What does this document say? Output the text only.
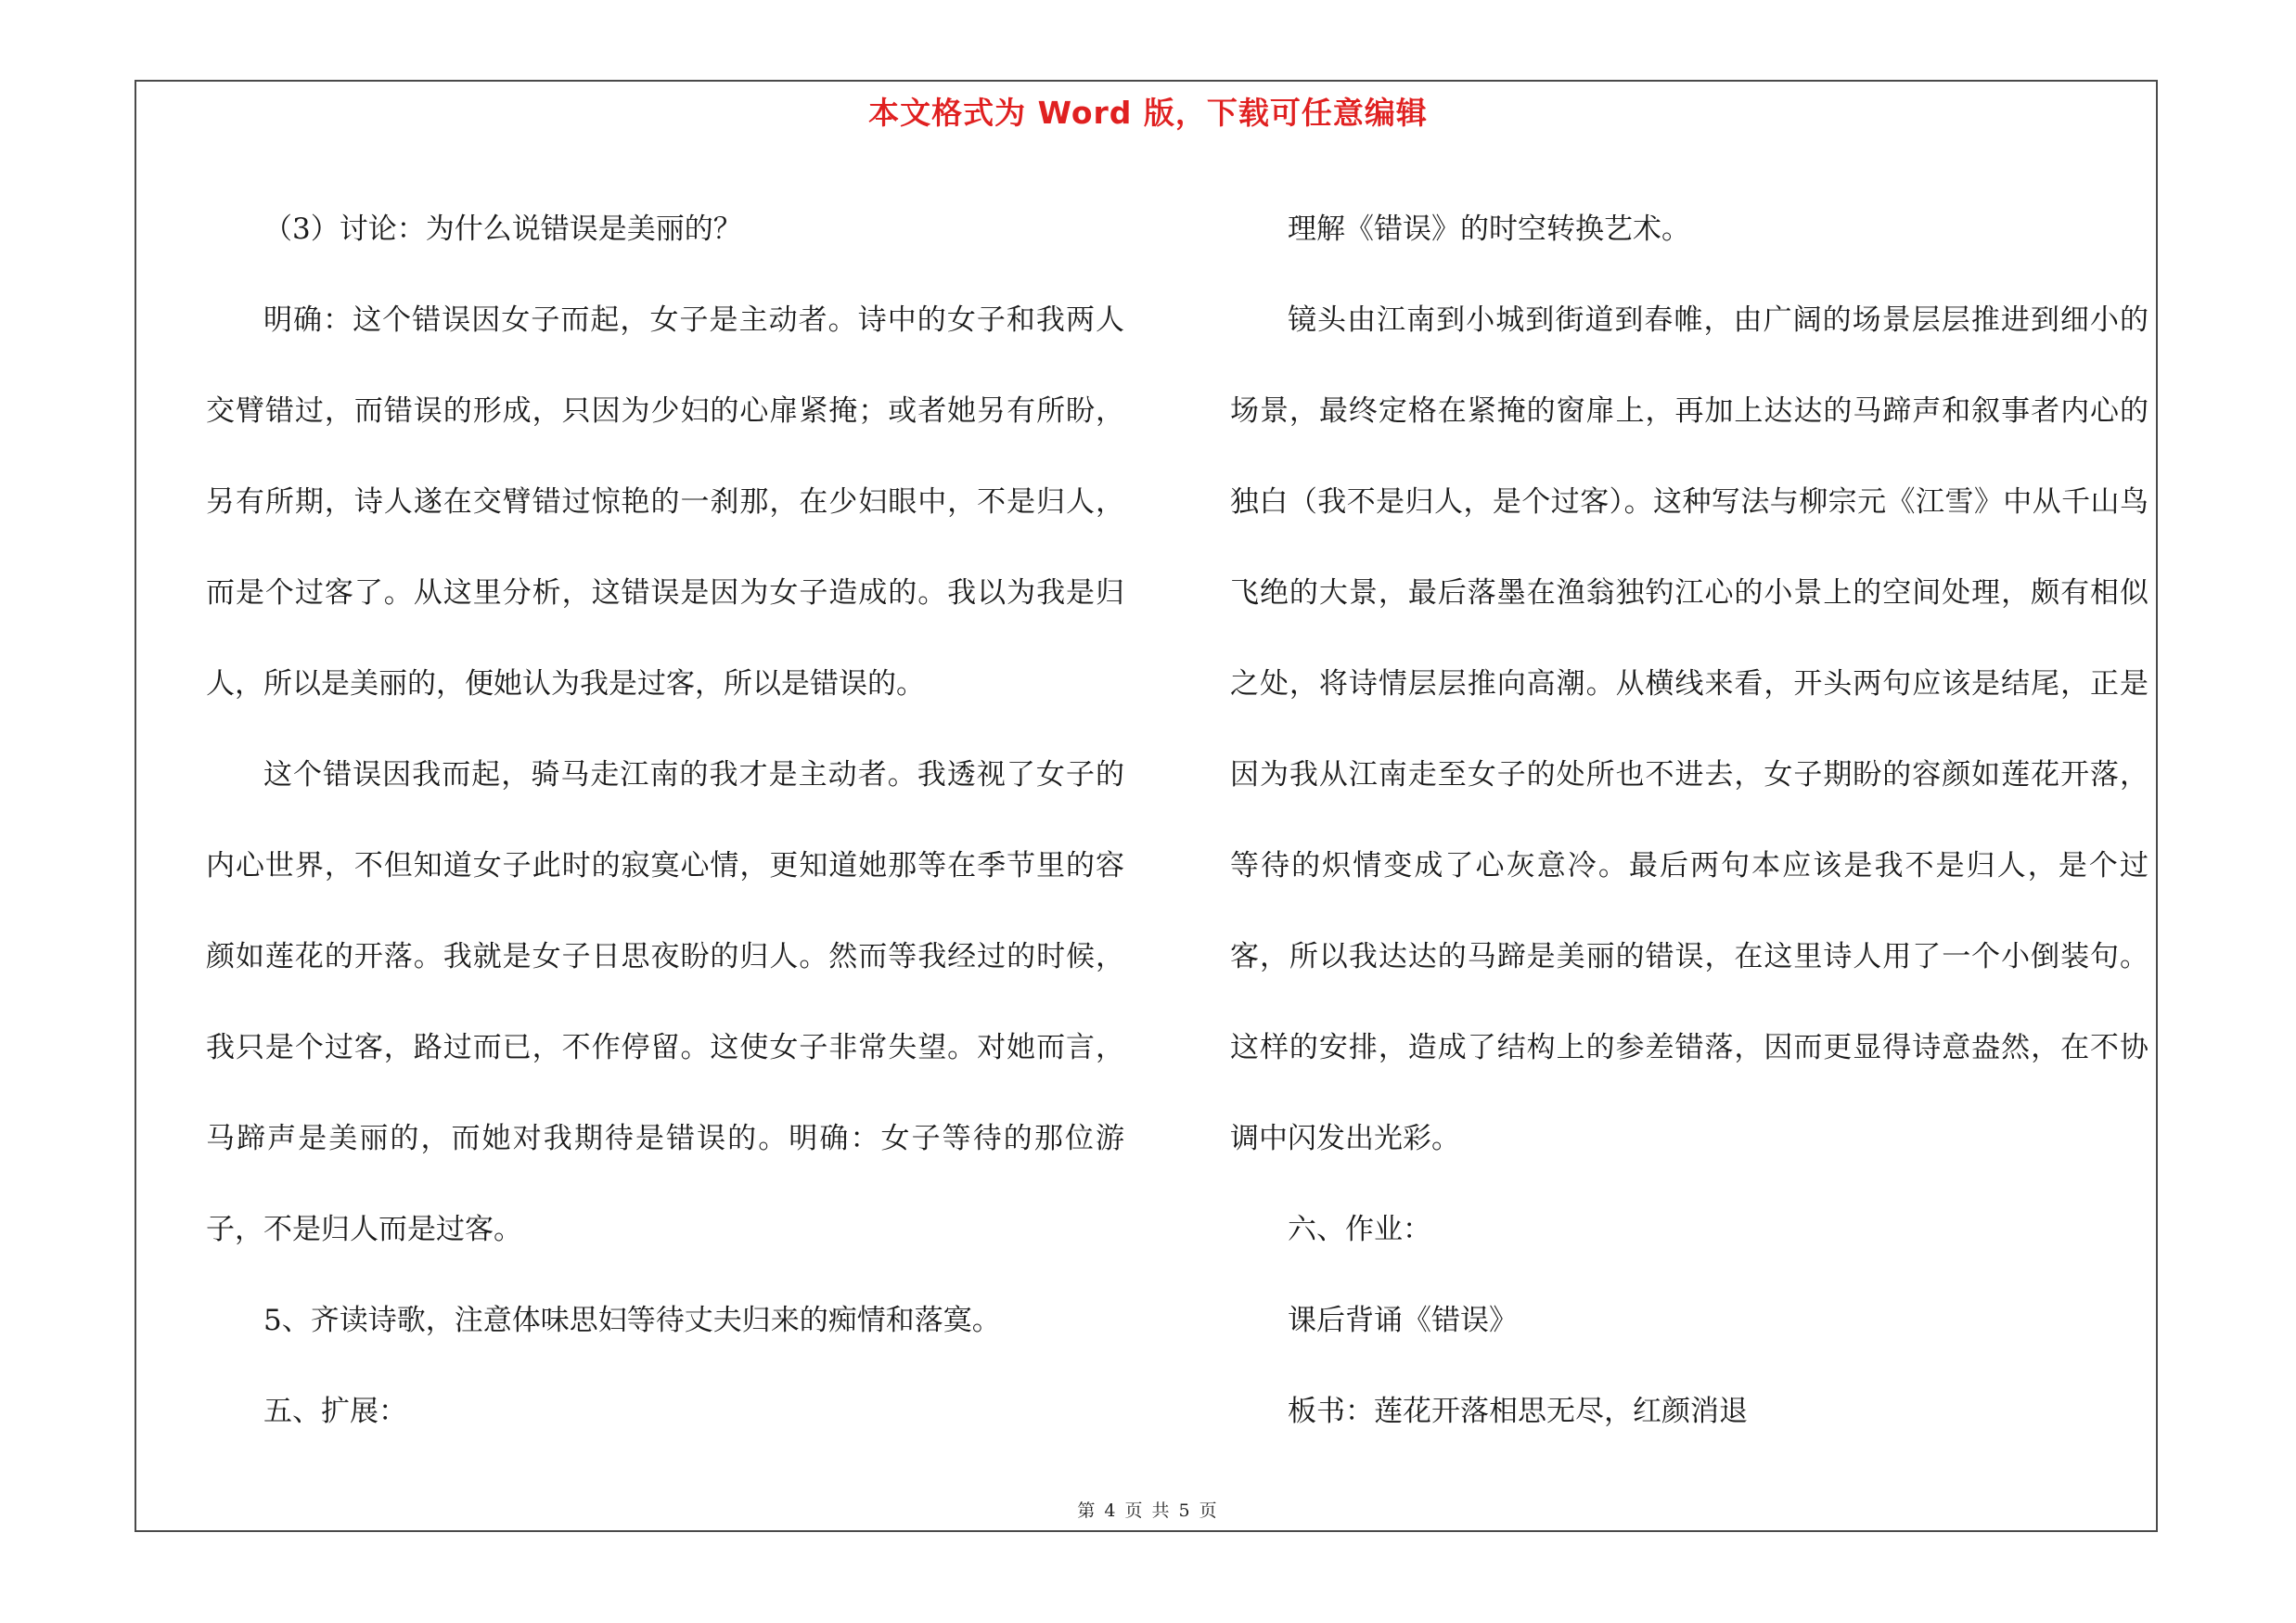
本文格式为 Word 版，下载可任意编辑

（3）讨论：为什么说错误是美丽的？

明确：这个错误因女子而起，女子是主动者。诗中的女子和我两人交臂错过，而错误的形成，只因为少妇的心扉紧掩；或者她另有所盼，另有所期，诗人遂在交臂错过惊艳的一刹那，在少妇眼中，不是归人，而是个过客了。从这里分析，这错误是因为女子造成的。我以为我是归人，所以是美丽的，便她认为我是过客，所以是错误的。

这个错误因我而起，骑马走江南的我才是主动者。我透视了女子的内心世界，不但知道女子此时的寂寞心情，更知道她那等在季节里的容颜如莲花的开落。我就是女子日思夜盼的归人。然而等我经过的时候，我只是个过客，路过而已，不作停留。这使女子非常失望。对她而言，马蹄声是美丽的，而她对我期待是错误的。明确：女子等待的那位游子，不是归人而是过客。

5、齐读诗歌，注意体味思妇等待丈夫归来的痴情和落寞。

五、扩展：

理解《错误》的时空转换艺术。

镜头由江南到小城到街道到春帷，由广阔的场景层层推进到细小的场景，最终定格在紧掩的窗扉上，再加上达达的马蹄声和叙事者内心的独白（我不是归人，是个过客）。这种写法与柳宗元《江雪》中从千山鸟飞绝的大景，最后落墨在渔翁独钓江心的小景上的空间处理，颇有相似之处，将诗情层层推向高潮。从横线来看，开头两句应该是结尾，正是因为我从江南走至女子的处所也不进去，女子期盼的容颜如莲花开落，等待的炽情变成了心灰意冷。最后两句本应该是我不是归人，是个过客，所以我达达的马蹄是美丽的错误，在这里诗人用了一个小倒装句。这样的安排，造成了结构上的参差错落，因而更显得诗意盎然，在不协调中闪发出光彩。

六、作业：

课后背诵《错误》

板书：莲花开落相思无尽，红颜消退

第 4 页 共 5 页
